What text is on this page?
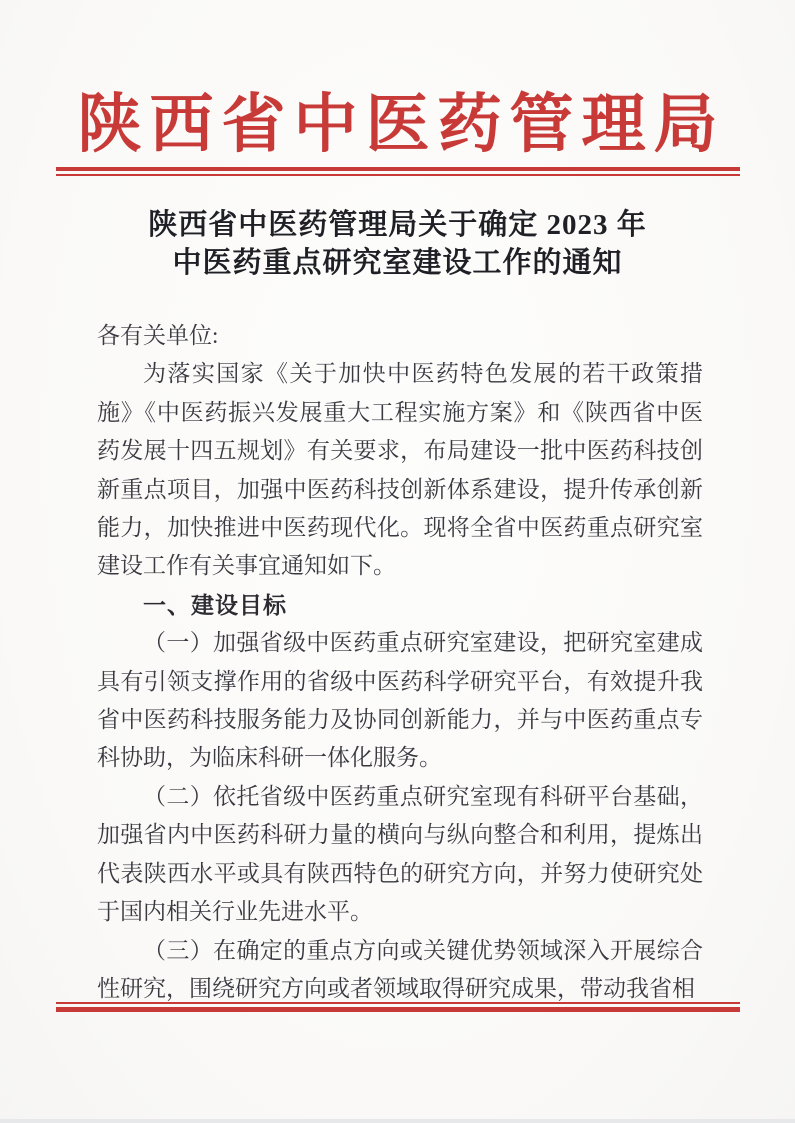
陕西省中医药管理局
陕西省中医药管理局关于确定 2023 年
中医药重点研究室建设工作的通知

各有关单位:

为落实国家《关于加快中医药特色发展的若干政策措施》《中医药振兴发展重大工程实施方案》和《陕西省中医药发展十四五规划》有关要求，布局建设一批中医药科技创新重点项目，加强中医药科技创新体系建设，提升传承创新能力，加快推进中医药现代化。现将全省中医药重点研究室建设工作有关事宜通知如下。

一、建设目标

（一）加强省级中医药重点研究室建设，把研究室建成具有引领支撑作用的省级中医药科学研究平台，有效提升我省中医药科技服务能力及协同创新能力，并与中医药重点专科协助，为临床科研一体化服务。

（二）依托省级中医药重点研究室现有科研平台基础，加强省内中医药科研力量的横向与纵向整合和利用，提炼出代表陕西水平或具有陕西特色的研究方向，并努力使研究处于国内相关行业先进水平。

（三）在确定的重点方向或关键优势领域深入开展综合性研究，围绕研究方向或者领域取得研究成果，带动我省相
